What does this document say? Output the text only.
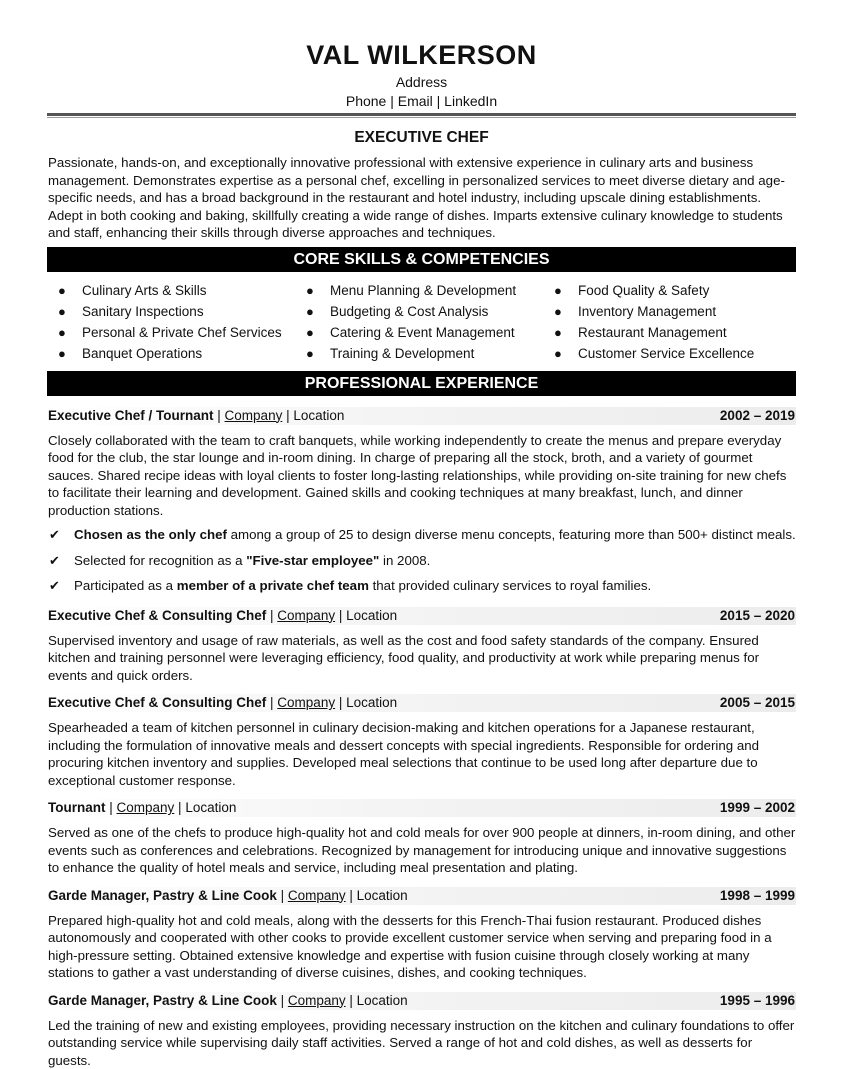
VAL WILKERSON
Address
Phone | Email | LinkedIn
EXECUTIVE CHEF
Passionate, hands-on, and exceptionally innovative professional with extensive experience in culinary arts and business management. Demonstrates expertise as a personal chef, excelling in personalized services to meet diverse dietary and age-specific needs, and has a broad background in the restaurant and hotel industry, including upscale dining establishments. Adept in both cooking and baking, skillfully creating a wide range of dishes. Imparts extensive culinary knowledge to students and staff, enhancing their skills through diverse approaches and techniques.
CORE SKILLS & COMPETENCIES
● Culinary Arts & Skills
● Sanitary Inspections
● Personal & Private Chef Services
● Banquet Operations
● Menu Planning & Development
● Budgeting & Cost Analysis
● Catering & Event Management
● Training & Development
● Food Quality & Safety
● Inventory Management
● Restaurant Management
● Customer Service Excellence
PROFESSIONAL EXPERIENCE
Executive Chef / Tournant | Company | Location	2002 – 2019
Closely collaborated with the team to craft banquets, while working independently to create the menus and prepare everyday food for the club, the star lounge and in-room dining. In charge of preparing all the stock, broth, and a variety of gourmet sauces. Shared recipe ideas with loyal clients to foster long-lasting relationships, while providing on-site training for new chefs to facilitate their learning and development. Gained skills and cooking techniques at many breakfast, lunch, and dinner production stations.
✔ Chosen as the only chef among a group of 25 to design diverse menu concepts, featuring more than 500+ distinct meals.
✔ Selected for recognition as a "Five-star employee" in 2008.
✔ Participated as a member of a private chef team that provided culinary services to royal families.
Executive Chef & Consulting Chef | Company | Location	2015 – 2020
Supervised inventory and usage of raw materials, as well as the cost and food safety standards of the company. Ensured kitchen and training personnel were leveraging efficiency, food quality, and productivity at work while preparing menus for events and quick orders.
Executive Chef & Consulting Chef | Company | Location	2005 – 2015
Spearheaded a team of kitchen personnel in culinary decision-making and kitchen operations for a Japanese restaurant, including the formulation of innovative meals and dessert concepts with special ingredients. Responsible for ordering and procuring kitchen inventory and supplies. Developed meal selections that continue to be used long after departure due to exceptional customer response.
Tournant | Company | Location	1999 – 2002
Served as one of the chefs to produce high-quality hot and cold meals for over 900 people at dinners, in-room dining, and other events such as conferences and celebrations. Recognized by management for introducing unique and innovative suggestions to enhance the quality of hotel meals and service, including meal presentation and plating.
Garde Manager, Pastry & Line Cook | Company | Location	1998 – 1999
Prepared high-quality hot and cold meals, along with the desserts for this French-Thai fusion restaurant. Produced dishes autonomously and cooperated with other cooks to provide excellent customer service when serving and preparing food in a high-pressure setting. Obtained extensive knowledge and expertise with fusion cuisine through closely working at many stations to gather a vast understanding of diverse cuisines, dishes, and cooking techniques.
Garde Manager, Pastry & Line Cook | Company | Location	1995 – 1996
Led the training of new and existing employees, providing necessary instruction on the kitchen and culinary foundations to offer outstanding service while supervising daily staff activities. Served a range of hot and cold dishes, as well as desserts for guests.
